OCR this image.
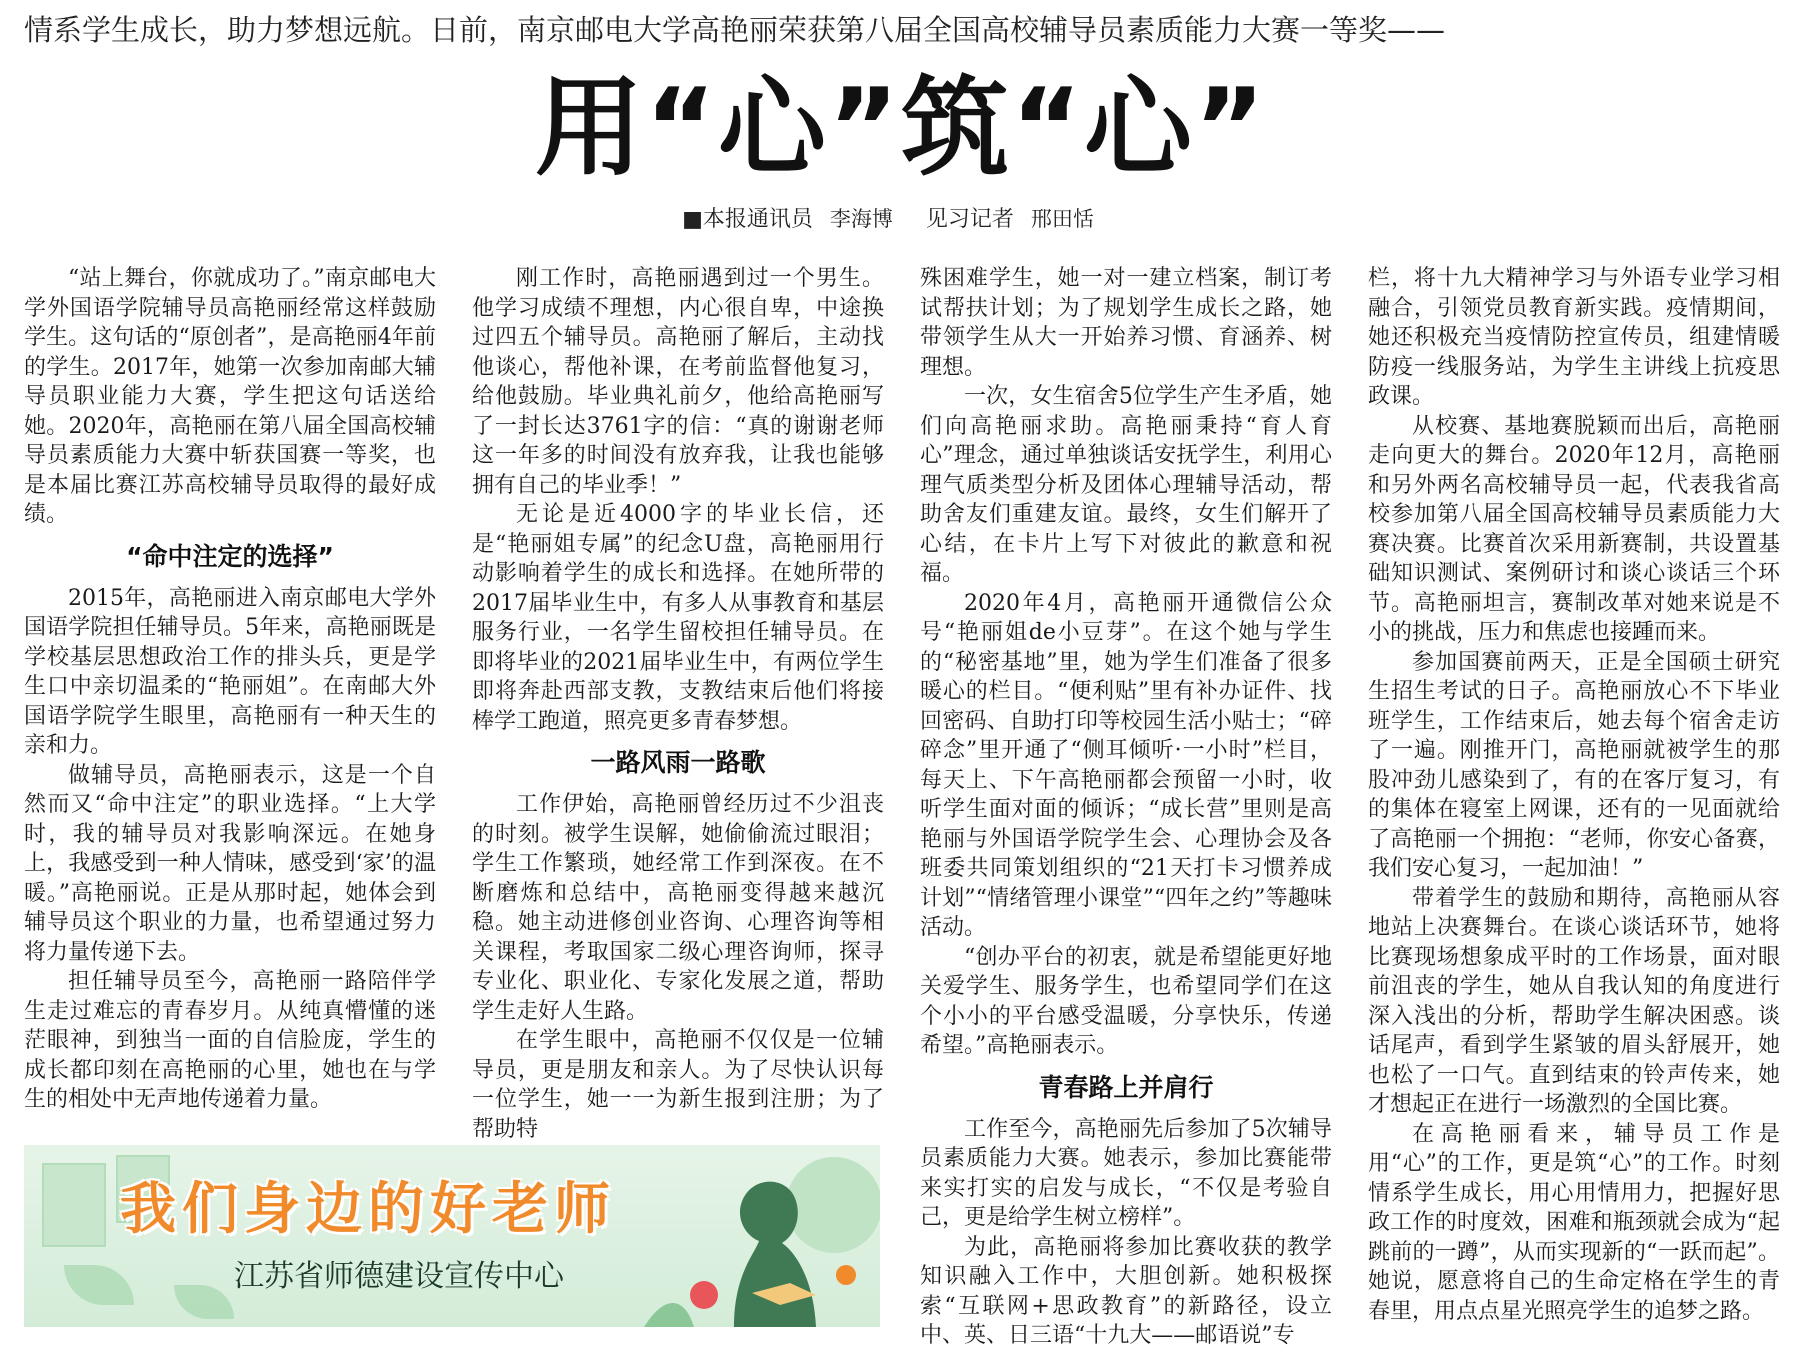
情系学生成长，助力梦想远航。日前，南京邮电大学高艳丽荣获第八届全国高校辅导员素质能力大赛一等奖——
用“心”筑“心”
■本报通讯员 李海博 见习记者 邢田恬

“站上舞台，你就成功了。”南京邮电大学外国语学院辅导员高艳丽经常这样鼓励学生。这句话的“原创者”，是高艳丽4年前的学生。2017年，她第一次参加南邮大辅导员职业能力大赛，学生把这句话送给她。2020年，高艳丽在第八届全国高校辅导员素质能力大赛中斩获国赛一等奖，也是本届比赛江苏高校辅导员取得的最好成绩。

“命中注定的选择”

2015年，高艳丽进入南京邮电大学外国语学院担任辅导员。5年来，高艳丽既是学校基层思想政治工作的排头兵，更是学生口中亲切温柔的“艳丽姐”。在南邮大外国语学院学生眼里，高艳丽有一种天生的亲和力。

做辅导员，高艳丽表示，这是一个自然而又“命中注定”的职业选择。“上大学时，我的辅导员对我影响深远。在她身上，我感受到一种人情味，感受到‘家’的温暖。”高艳丽说。正是从那时起，她体会到辅导员这个职业的力量，也希望通过努力将力量传递下去。

担任辅导员至今，高艳丽一路陪伴学生走过难忘的青春岁月。从纯真懵懂的迷茫眼神，到独当一面的自信脸庞，学生的成长都印刻在高艳丽的心里，她也在与学生的相处中无声地传递着力量。

刚工作时，高艳丽遇到过一个男生。他学习成绩不理想，内心很自卑，中途换过四五个辅导员。高艳丽了解后，主动找他谈心，帮他补课，在考前监督他复习，给他鼓励。毕业典礼前夕，他给高艳丽写了一封长达3761字的信：“真的谢谢老师这一年多的时间没有放弃我，让我也能够拥有自己的毕业季！”

无论是近4000字的毕业长信，还是“艳丽姐专属”的纪念U盘，高艳丽用行动影响着学生的成长和选择。在她所带的2017届毕业生中，有多人从事教育和基层服务行业，一名学生留校担任辅导员。在即将毕业的2021届毕业生中，有两位学生即将奔赴西部支教，支教结束后他们将接棒学工跑道，照亮更多青春梦想。

一路风雨一路歌

工作伊始，高艳丽曾经历过不少沮丧的时刻。被学生误解，她偷偷流过眼泪；学生工作繁琐，她经常工作到深夜。在不断磨炼和总结中，高艳丽变得越来越沉稳。她主动进修创业咨询、心理咨询等相关课程，考取国家二级心理咨询师，探寻专业化、职业化、专家化发展之道，帮助学生走好人生路。

在学生眼中，高艳丽不仅仅是一位辅导员，更是朋友和亲人。为了尽快认识每一位学生，她一一为新生报到注册；为了帮助特

殊困难学生，她一对一建立档案，制订考试帮扶计划；为了规划学生成长之路，她带领学生从大一开始养习惯、育涵养、树理想。

一次，女生宿舍5位学生产生矛盾，她们向高艳丽求助。高艳丽秉持“育人育心”理念，通过单独谈话安抚学生，利用心理气质类型分析及团体心理辅导活动，帮助舍友们重建友谊。最终，女生们解开了心结，在卡片上写下对彼此的歉意和祝福。

2020年4月，高艳丽开通微信公众号“艳丽姐de小豆芽”。在这个她与学生的“秘密基地”里，她为学生们准备了很多暖心的栏目。“便利贴”里有补办证件、找回密码、自助打印等校园生活小贴士；“碎碎念”里开通了“侧耳倾听·一小时”栏目，每天上、下午高艳丽都会预留一小时，收听学生面对面的倾诉；“成长营”里则是高艳丽与外国语学院学生会、心理协会及各班委共同策划组织的“21天打卡习惯养成计划”“情绪管理小课堂”“四年之约”等趣味活动。

“创办平台的初衷，就是希望能更好地关爱学生、服务学生，也希望同学们在这个小小的平台感受温暖，分享快乐，传递希望。”高艳丽表示。

青春路上并肩行

工作至今，高艳丽先后参加了5次辅导员素质能力大赛。她表示，参加比赛能带来实打实的启发与成长，“不仅是考验自己，更是给学生树立榜样”。

为此，高艳丽将参加比赛收获的教学知识融入工作中，大胆创新。她积极探索“互联网+思政教育”的新路径，设立中、英、日三语“十九大——邮语说”专

栏，将十九大精神学习与外语专业学习相融合，引领党员教育新实践。疫情期间，她还积极充当疫情防控宣传员，组建情暖防疫一线服务站，为学生主讲线上抗疫思政课。

从校赛、基地赛脱颖而出后，高艳丽走向更大的舞台。2020年12月，高艳丽和另外两名高校辅导员一起，代表我省高校参加第八届全国高校辅导员素质能力大赛决赛。比赛首次采用新赛制，共设置基础知识测试、案例研讨和谈心谈话三个环节。高艳丽坦言，赛制改革对她来说是不小的挑战，压力和焦虑也接踵而来。

参加国赛前两天，正是全国硕士研究生招生考试的日子。高艳丽放心不下毕业班学生，工作结束后，她去每个宿舍走访了一遍。刚推开门，高艳丽就被学生的那股冲劲儿感染到了，有的在客厅复习，有的集体在寝室上网课，还有的一见面就给了高艳丽一个拥抱：“老师，你安心备赛，我们安心复习，一起加油！”

带着学生的鼓励和期待，高艳丽从容地站上决赛舞台。在谈心谈话环节，她将比赛现场想象成平时的工作场景，面对眼前沮丧的学生，她从自我认知的角度进行深入浅出的分析，帮助学生解决困惑。谈话尾声，看到学生紧皱的眉头舒展开，她也松了一口气。直到结束的铃声传来，她才想起正在进行一场激烈的全国比赛。

在高艳丽看来，辅导员工作是用“心”的工作，更是筑“心”的工作。时刻情系学生成长，用心用情用力，把握好思政工作的时度效，困难和瓶颈就会成为“起跳前的一蹲”，从而实现新的“一跃而起”。她说，愿意将自己的生命定格在学生的青春里，用点点星光照亮学生的追梦之路。

我们身边的好老师
江苏省师德建设宣传中心
